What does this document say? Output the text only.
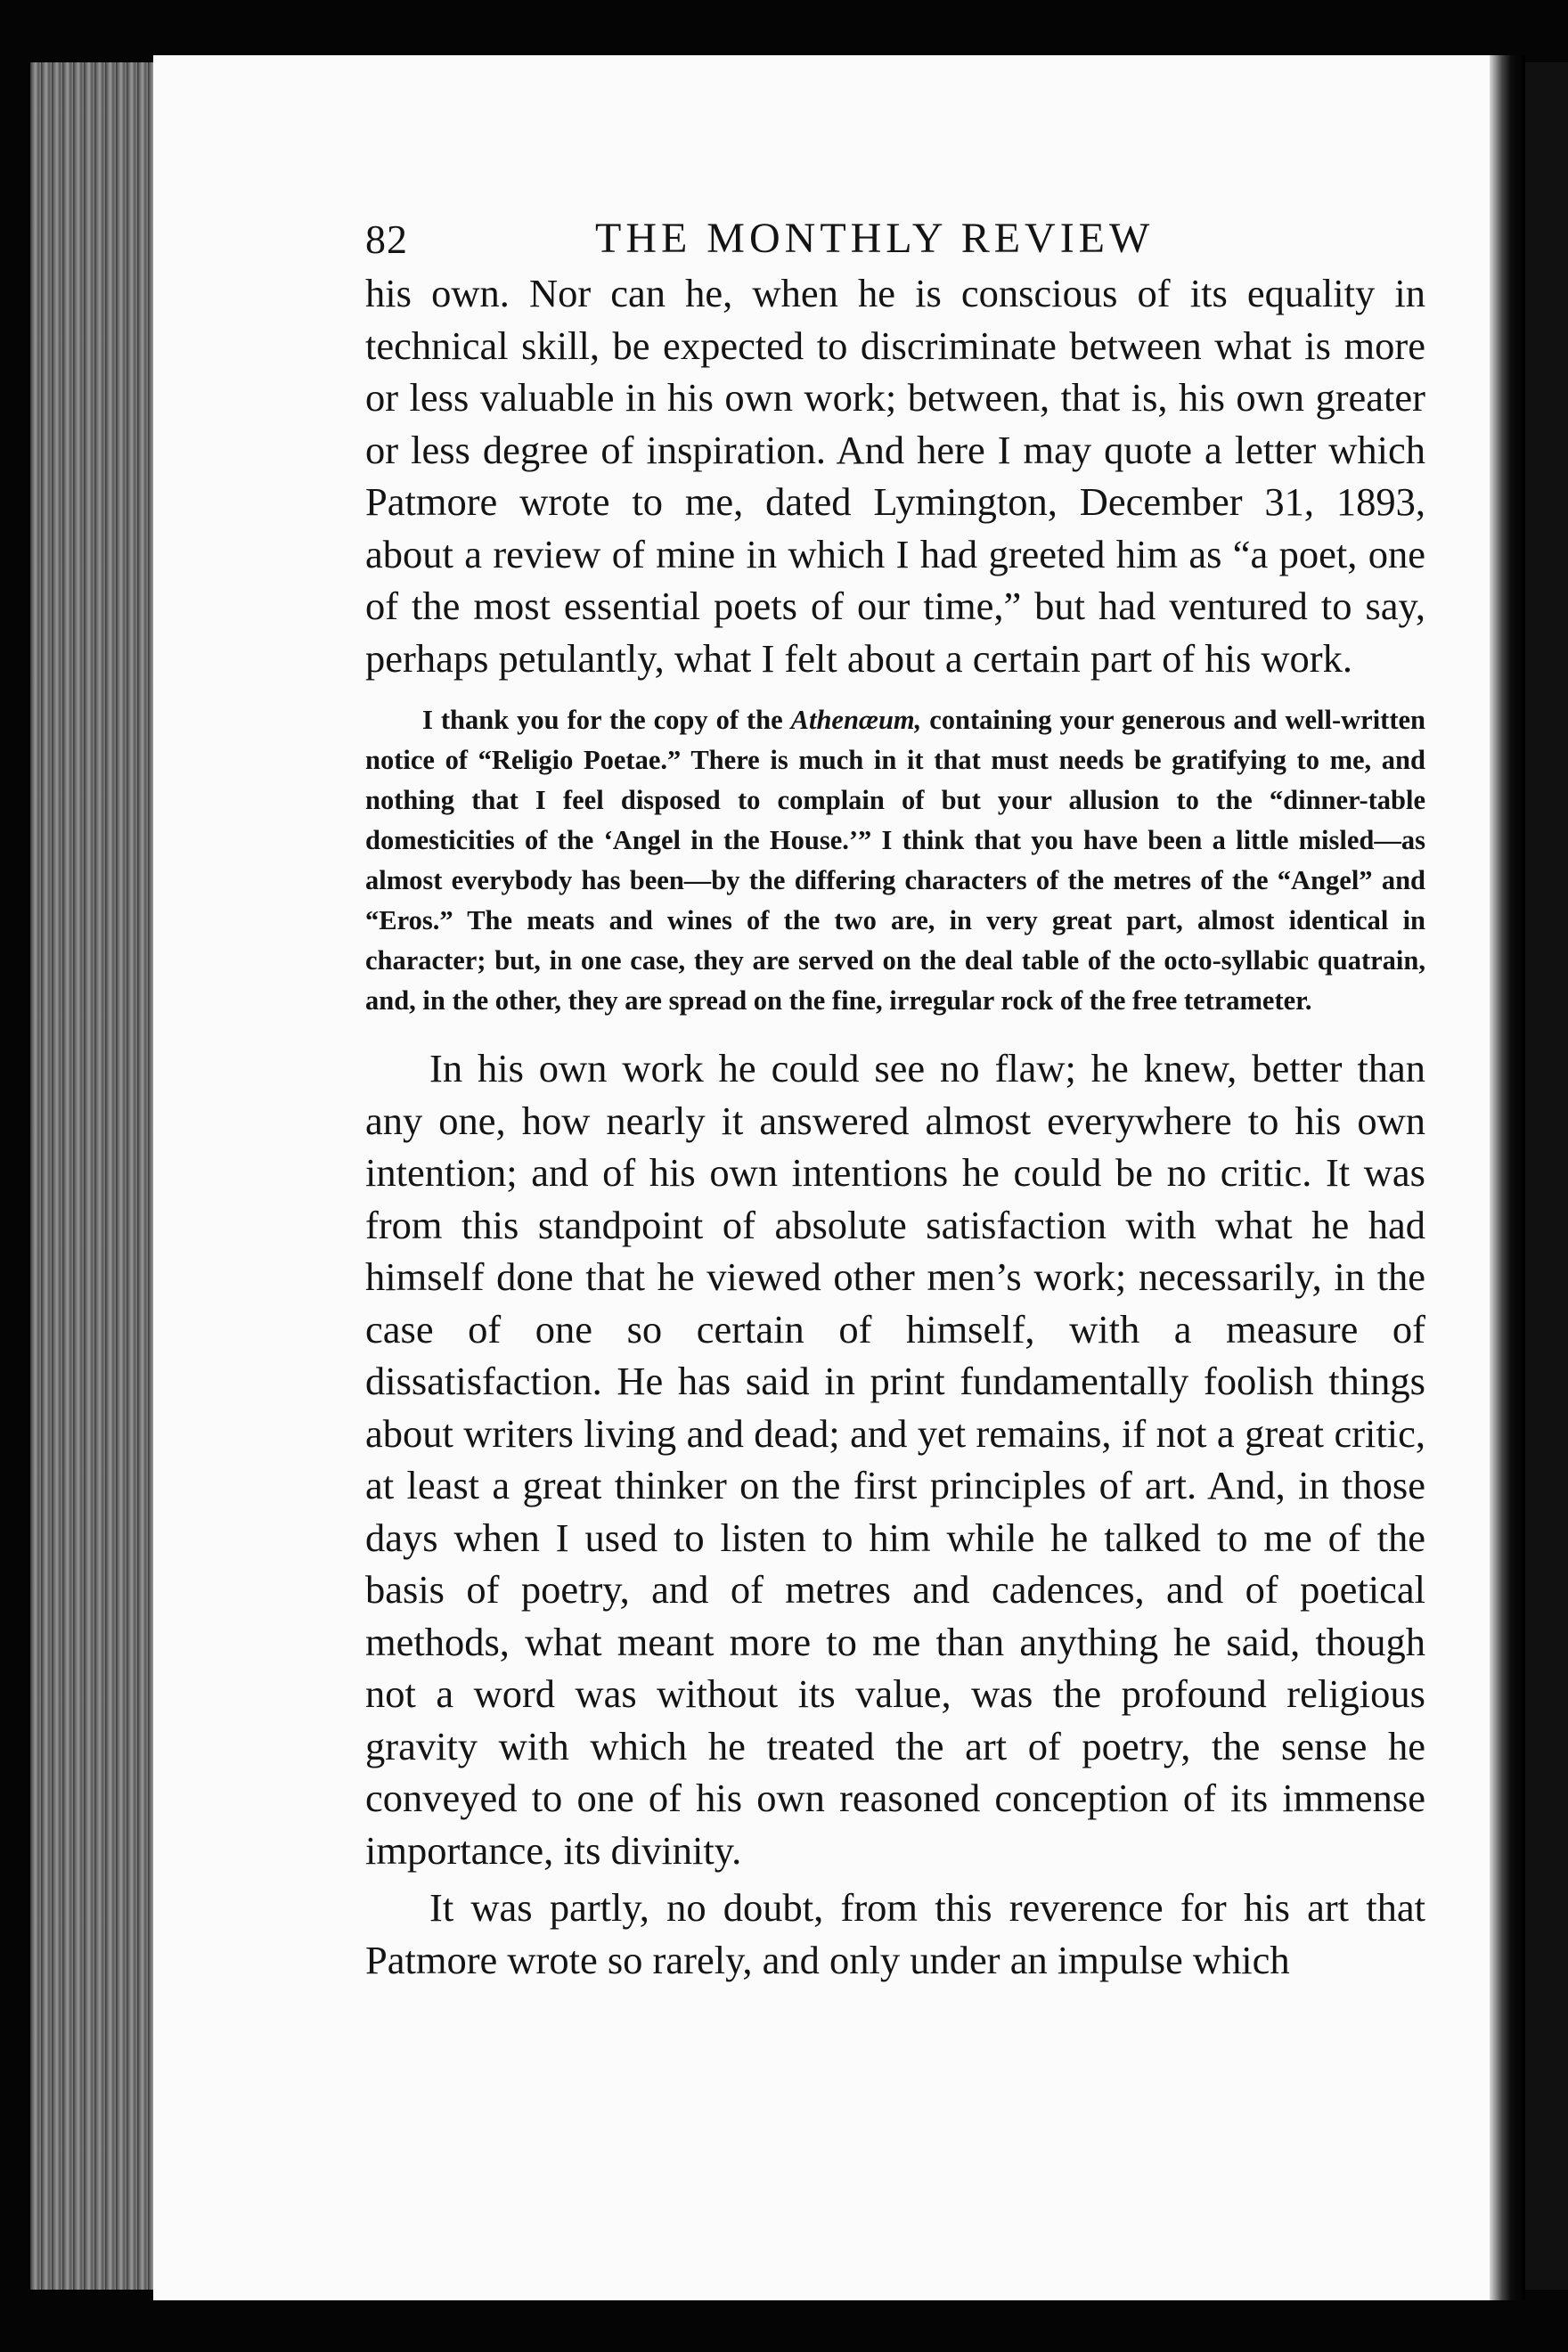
82	THE MONTHLY REVIEW

his own. Nor can he, when he is conscious of its equality in technical skill, be expected to discriminate between what is more or less valuable in his own work; between, that is, his own greater or less degree of inspiration. And here I may quote a letter which Patmore wrote to me, dated Lymington, December 31, 1893, about a review of mine in which I had greeted him as “a poet, one of the most essential poets of our time,” but had ventured to say, perhaps petulantly, what I felt about a certain part of his work.

I thank you for the copy of the Athenæum, containing your generous and well-written notice of “Religio Poetae.” There is much in it that must needs be gratifying to me, and nothing that I feel disposed to complain of but your allusion to the “dinner-table domesticities of the ‘Angel in the House.’” I think that you have been a little misled—as almost everybody has been—by the differing characters of the metres of the “Angel” and “Eros.” The meats and wines of the two are, in very great part, almost identical in character; but, in one case, they are served on the deal table of the octo-syllabic quatrain, and, in the other, they are spread on the fine, irregular rock of the free tetrameter.

In his own work he could see no flaw; he knew, better than any one, how nearly it answered almost everywhere to his own intention; and of his own intentions he could be no critic. It was from this standpoint of absolute satisfaction with what he had himself done that he viewed other men’s work; necessarily, in the case of one so certain of himself, with a measure of dissatisfaction. He has said in print fundamentally foolish things about writers living and dead; and yet remains, if not a great critic, at least a great thinker on the first principles of art. And, in those days when I used to listen to him while he talked to me of the basis of poetry, and of metres and cadences, and of poetical methods, what meant more to me than anything he said, though not a word was without its value, was the profound religious gravity with which he treated the art of poetry, the sense he conveyed to one of his own reasoned conception of its immense importance, its divinity.

It was partly, no doubt, from this reverence for his art that Patmore wrote so rarely, and only under an impulse which
